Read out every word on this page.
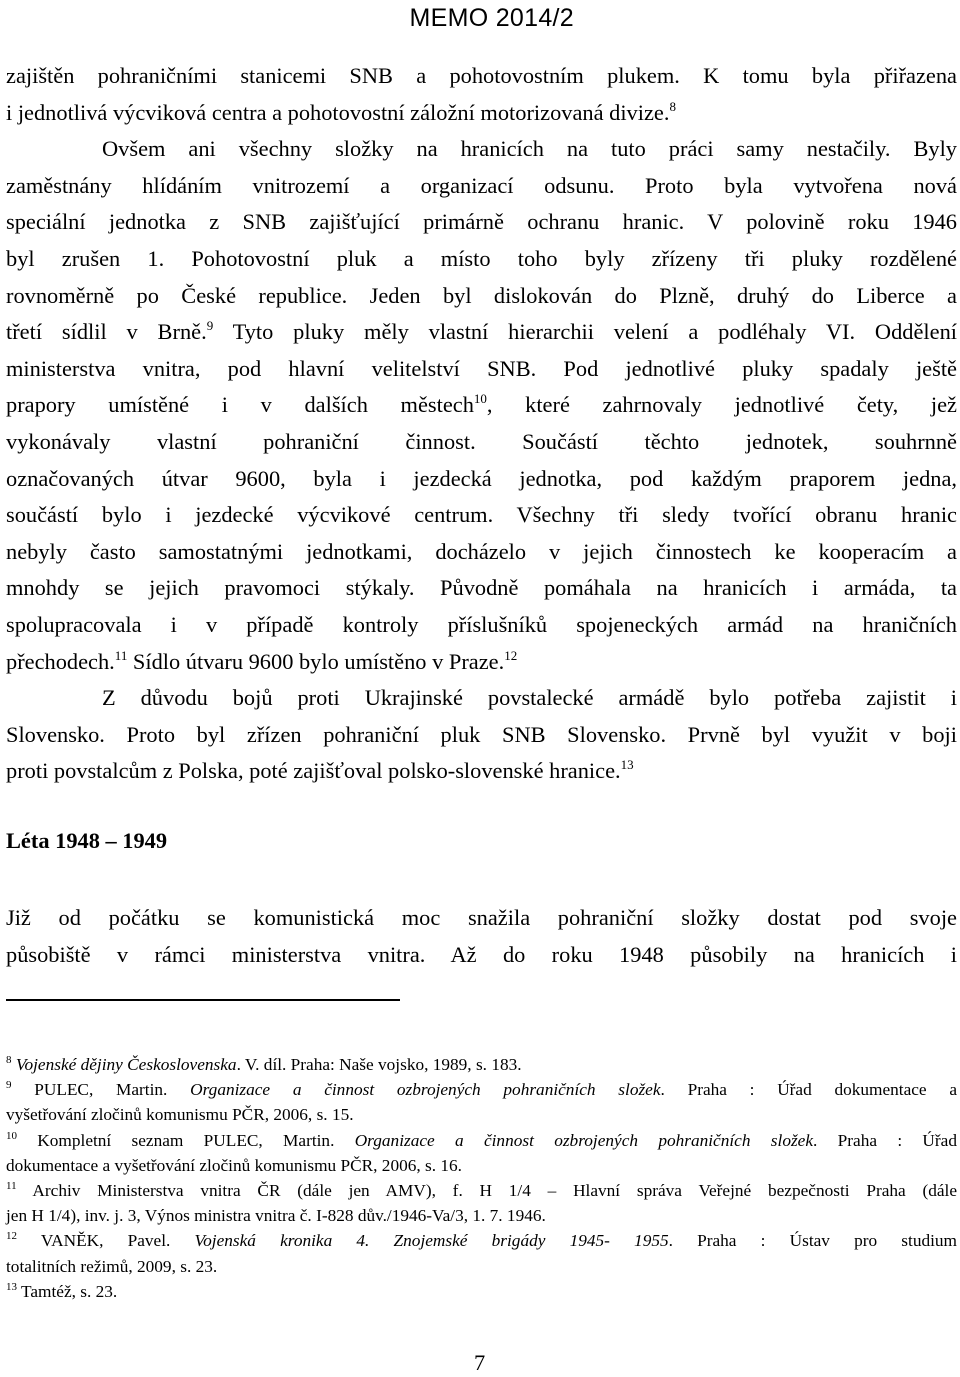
MEMO 2014/2
zajištěn pohraničními stanicemi SNB a pohotovostním plukem. K tomu byla přiřazena
i jednotlivá výcviková centra a pohotovostní záložní motorizovaná divize.$^8$
Ovšem ani všechny složky na hranicích na tuto práci samy nestačily. Byly
zaměstnány hlídáním vnitrozemí a organizací odsunu. Proto byla vytvořena nová
speciální jednotka z SNB zajišťující primárně ochranu hranic. V polovině roku 1946
byl zrušen 1. Pohotovostní pluk a místo toho byly zřízeny tři pluky rozdělené
rovnoměrně po České republice. Jeden byl dislokován do Plzně, druhý do Liberce a
třetí sídlil v Brně.$^9$ Tyto pluky měly vlastní hierarchii velení a podléhaly VI. Oddělení
ministerstva vnitra, pod hlavní velitelství SNB. Pod jednotlivé pluky spadaly ještě
prapory umístěné i v dalších městech$^{10}$, které zahrnovaly jednotlivé čety, jež
vykonávaly vlastní pohraniční činnost. Součástí těchto jednotek, souhrnně
označovaných útvar 9600, byla i jezdecká jednotka, pod každým praporem jedna,
součástí bylo i jezdecké výcvikové centrum. Všechny tři sledy tvořící obranu hranic
nebyly často samostatnými jednotkami, docházelo v jejich činnostech ke kooperacím a
mnohdy se jejich pravomoci stýkaly. Původně pomáhala na hranicích i armáda, ta
spolupracovala i v případě kontroly příslušníků spojeneckých armád na hraničních
přechodech.$^{11}$ Sídlo útvaru 9600 bylo umístěno v Praze.$^{12}$
Z důvodu bojů proti Ukrajinské povstalecké armádě bylo potřeba zajistit i
Slovensko. Proto byl zřízen pohraniční pluk SNB Slovensko. Prvně byl využit v boji
proti povstalcům z Polska, poté zajišťoval polsko-slovenské hranice.$^{13}$
Léta 1948 – 1949
Již od počátku se komunistická moc snažila pohraniční složky dostat pod svoje
působiště v rámci ministerstva vnitra. Až do roku 1948 působily na hranicích i
$^8$ Vojenské dějiny Československa. V. díl. Praha: Naše vojsko, 1989, s. 183.
$^9$ PULEC, Martin. Organizace a činnost ozbrojených pohraničních složek. Praha : Úřad dokumentace a
vyšetřování zločinů komunismu PČR, 2006, s. 15.
$^{10}$ Kompletní seznam PULEC, Martin. Organizace a činnost ozbrojených pohraničních složek. Praha : Úřad
dokumentace a vyšetřování zločinů komunismu PČR, 2006, s. 16.
$^{11}$ Archiv Ministerstva vnitra ČR (dále jen AMV), f. H 1/4 – Hlavní správa Veřejné bezpečnosti Praha (dále
jen H 1/4), inv. j. 3, Výnos ministra vnitra č. I-828 dův./1946-Va/3, 1. 7. 1946.
$^{12}$ VANĚK, Pavel. Vojenská kronika 4. Znojemské brigády 1945- 1955. Praha : Ústav pro studium
totalitních režimů, 2009, s. 23.
$^{13}$ Tamtéž, s. 23.
7
